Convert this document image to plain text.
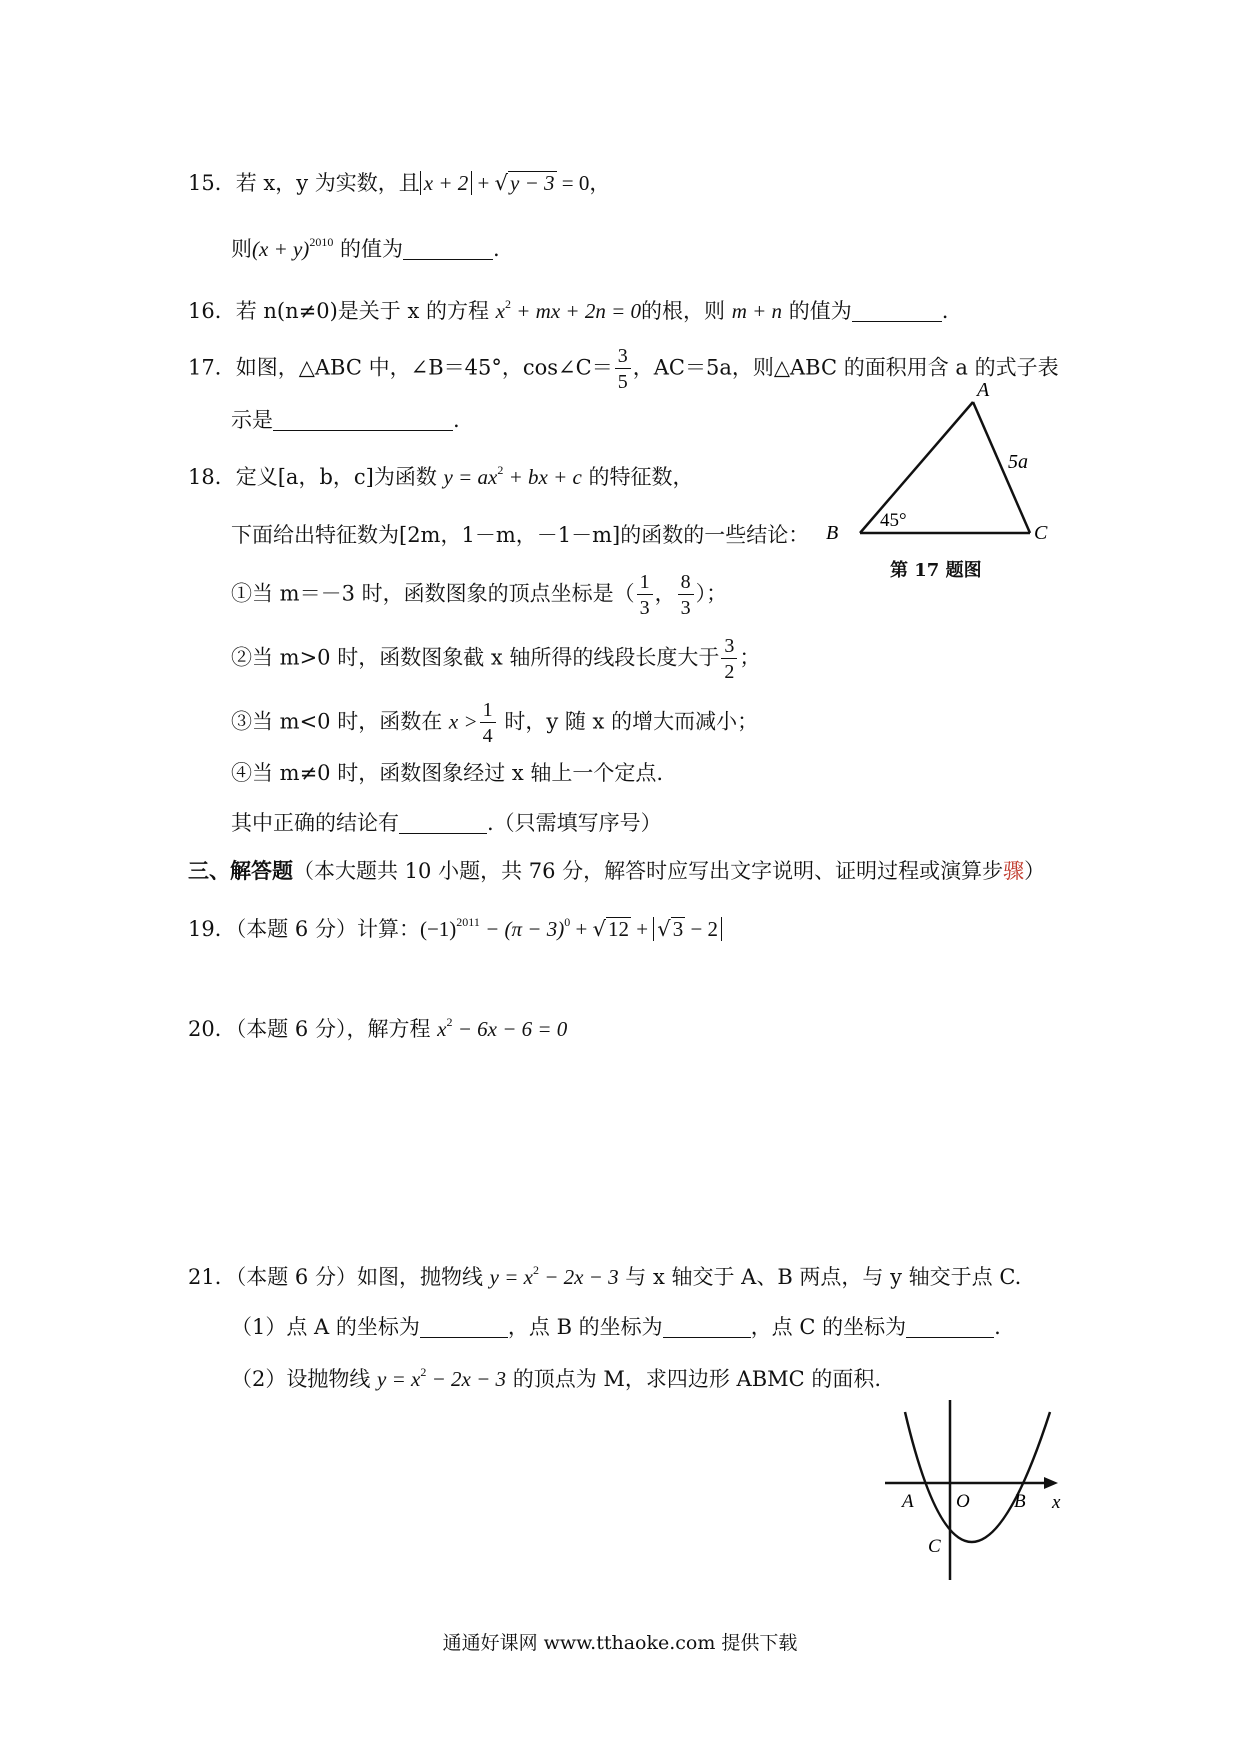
15．若 x，y 为实数，且 x + 2 + √y − 3 = 0，
则$(x + y)^{2010}$ 的值为	.
16．若 n(n≠0)是关于 x 的方程 $x^2$ + mx + 2n = 0的根，则 m + n 的值为	.
17．如图，△ABC 中，∠B＝45°，cos∠C＝ $\frac{3}{5}$ ，AC＝5a，则△ABC 的面积用含 a 的式子表
示是	.
A
B	C
5a
45°
第 17 题图
18．定义[a，b，c]为函数 $y = ax^2$ + bx + c 的特征数，
下面给出特征数为[2m，1－m，－1－m]的函数的一些结论：
①当 m＝－3 时，函数图象的顶点坐标是（ $\frac{1}{3}$ ， $\frac{8}{3}$ ）；
②当 m>0 时，函数图象截 x 轴所得的线段长度大于 $\frac{3}{2}$ ；
③当 m<0 时，函数在 $x > \frac{1}{4}$ 时，y 随 x 的增大而减小；
④当 m≠0 时，函数图象经过 x 轴上一个定点.
其中正确的结论有	.（只需填写序号）
三、解答题（本大题共 10 小题，共 76 分，解答时应写出文字说明、证明过程或演算步骤）
19．（本题 6 分）计算：$(-1)^{2011} - (\pi - 3)^0 + √12 + √3 - 2$
20．（本题 6 分），解方程 $x^2 - 6x - 6 = 0$
21．（本题 6 分）如图，抛物线 $y = x^2 - 2x - 3$ 与 x 轴交于 A、B 两点，与 y 轴交于点 C.
（1）点 A 的坐标为	，点 B 的坐标为	，点 C 的坐标为	.
（2）设抛物线 $y = x^2 - 2x - 3$ 的顶点为 M，求四边形 ABMC 的面积.
A O B
C
x
通通好课网 www.tthaoke.com 提供下载
